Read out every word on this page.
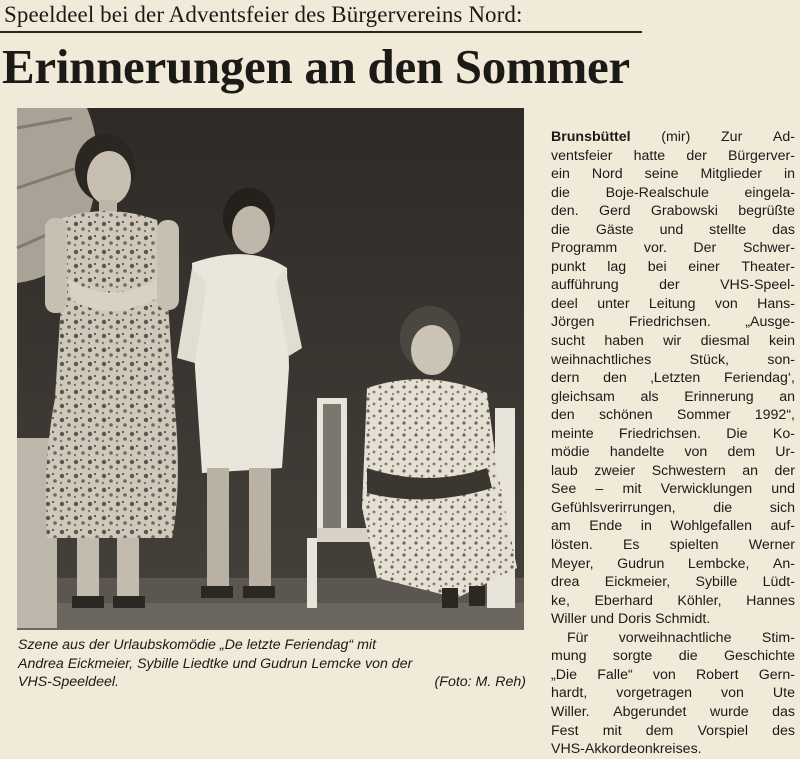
Speeldeel bei der Adventsfeier des Bürgervereins Nord:
Erinnerungen an den Sommer
Szene aus der Urlaubskomödie „De letzte Feriendag“ mit
Andrea Eickmeier, Sybille Liedtke und Gudrun Lemcke von der
VHS-Speeldeel.	(Foto: M. Reh)
Brunsbüttel (mir) Zur Ad-
ventsfeier hatte der Bürgerver-
ein Nord seine Mitglieder in
die	Boje-Realschule	eingela-
den. Gerd Grabowski begrüßte
die Gäste und stellte das
Programm vor. Der Schwer-
punkt lag bei einer Theater-
aufführung	der	VHS-Speel-
deel unter Leitung von Hans-
Jörgen Friedrichsen. „Ausge-
sucht haben wir diesmal kein
weihnachtliches	Stück,	son-
dern den ‚Letzten Feriendag‘,
gleichsam als Erinnerung an
den schönen Sommer 1992“,
meinte Friedrichsen. Die Ko-
mödie handelte von dem Ur-
laub zweier Schwestern an der
See – mit Verwicklungen und
Gefühlsverirrungen,	die	sich
am Ende in Wohlgefallen auf-
lösten. Es spielten Werner
Meyer, Gudrun Lembcke, An-
drea Eickmeier, Sybille Lüdt-
ke, Eberhard Köhler, Hannes
Willer und Doris Schmidt.
Für vorweihnachtliche Stim-
mung sorgte die Geschichte
„Die Falle“ von Robert Gern-
hardt, vorgetragen von Ute
Willer. Abgerundet wurde das
Fest mit dem Vorspiel des
VHS-Akkordeonkreises.
